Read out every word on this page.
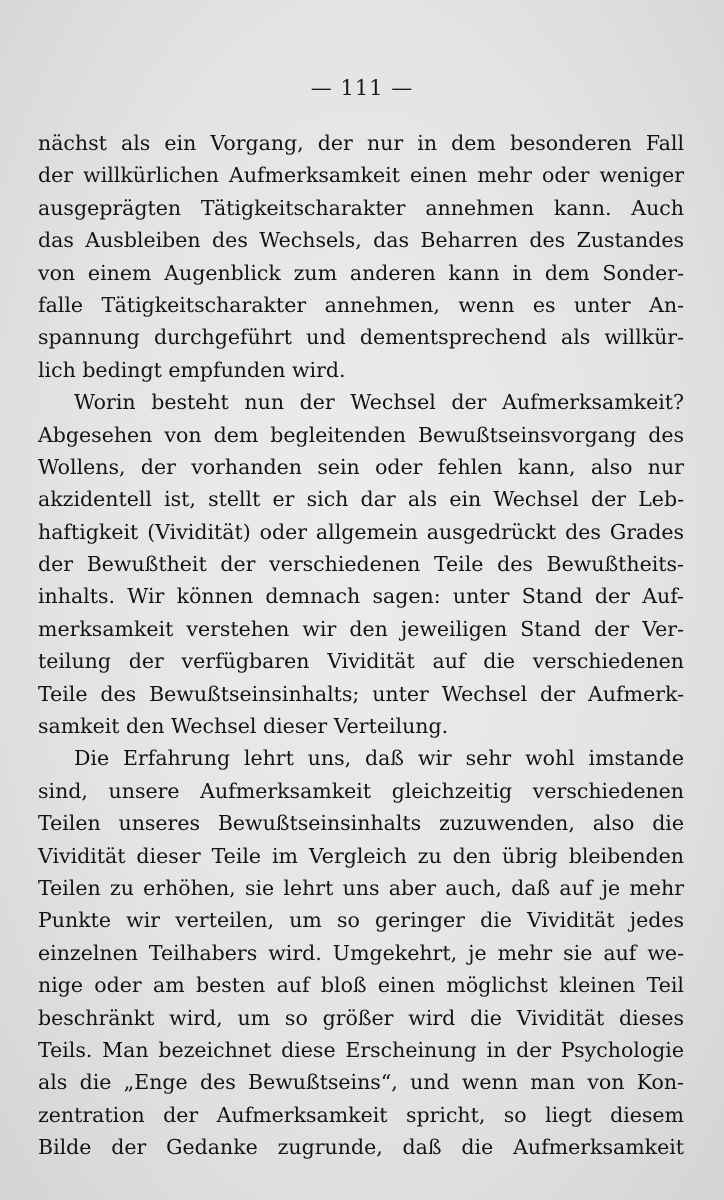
— 111 —
nächst als ein Vorgang, der nur in dem besonderen Fall
der willkürlichen Aufmerksamkeit einen mehr oder weniger
ausgeprägten Tätigkeitscharakter annehmen kann. Auch
das Ausbleiben des Wechsels, das Beharren des Zustandes
von einem Augenblick zum anderen kann in dem Sonder-
falle Tätigkeitscharakter annehmen, wenn es unter An-
spannung durchgeführt und dementsprechend als willkür-
lich bedingt empfunden wird.
Worin besteht nun der Wechsel der Aufmerksamkeit?
Abgesehen von dem begleitenden Bewußtseinsvorgang des
Wollens, der vorhanden sein oder fehlen kann, also nur
akzidentell ist, stellt er sich dar als ein Wechsel der Leb-
haftigkeit (Vividität) oder allgemein ausgedrückt des Grades
der Bewußtheit der verschiedenen Teile des Bewußtheits-
inhalts. Wir können demnach sagen: unter Stand der Auf-
merksamkeit verstehen wir den jeweiligen Stand der Ver-
teilung der verfügbaren Vividität auf die verschiedenen
Teile des Bewußtseinsinhalts; unter Wechsel der Aufmerk-
samkeit den Wechsel dieser Verteilung.
Die Erfahrung lehrt uns, daß wir sehr wohl imstande
sind, unsere Aufmerksamkeit gleichzeitig verschiedenen
Teilen unseres Bewußtseinsinhalts zuzuwenden, also die
Vividität dieser Teile im Vergleich zu den übrig bleibenden
Teilen zu erhöhen, sie lehrt uns aber auch, daß auf je mehr
Punkte wir verteilen, um so geringer die Vividität jedes
einzelnen Teilhabers wird. Umgekehrt, je mehr sie auf we-
nige oder am besten auf bloß einen möglichst kleinen Teil
beschränkt wird, um so größer wird die Vividität dieses
Teils. Man bezeichnet diese Erscheinung in der Psychologie
als die „Enge des Bewußtseins“, und wenn man von Kon-
zentration der Aufmerksamkeit spricht, so liegt diesem
Bilde der Gedanke zugrunde, daß die Aufmerksamkeit
